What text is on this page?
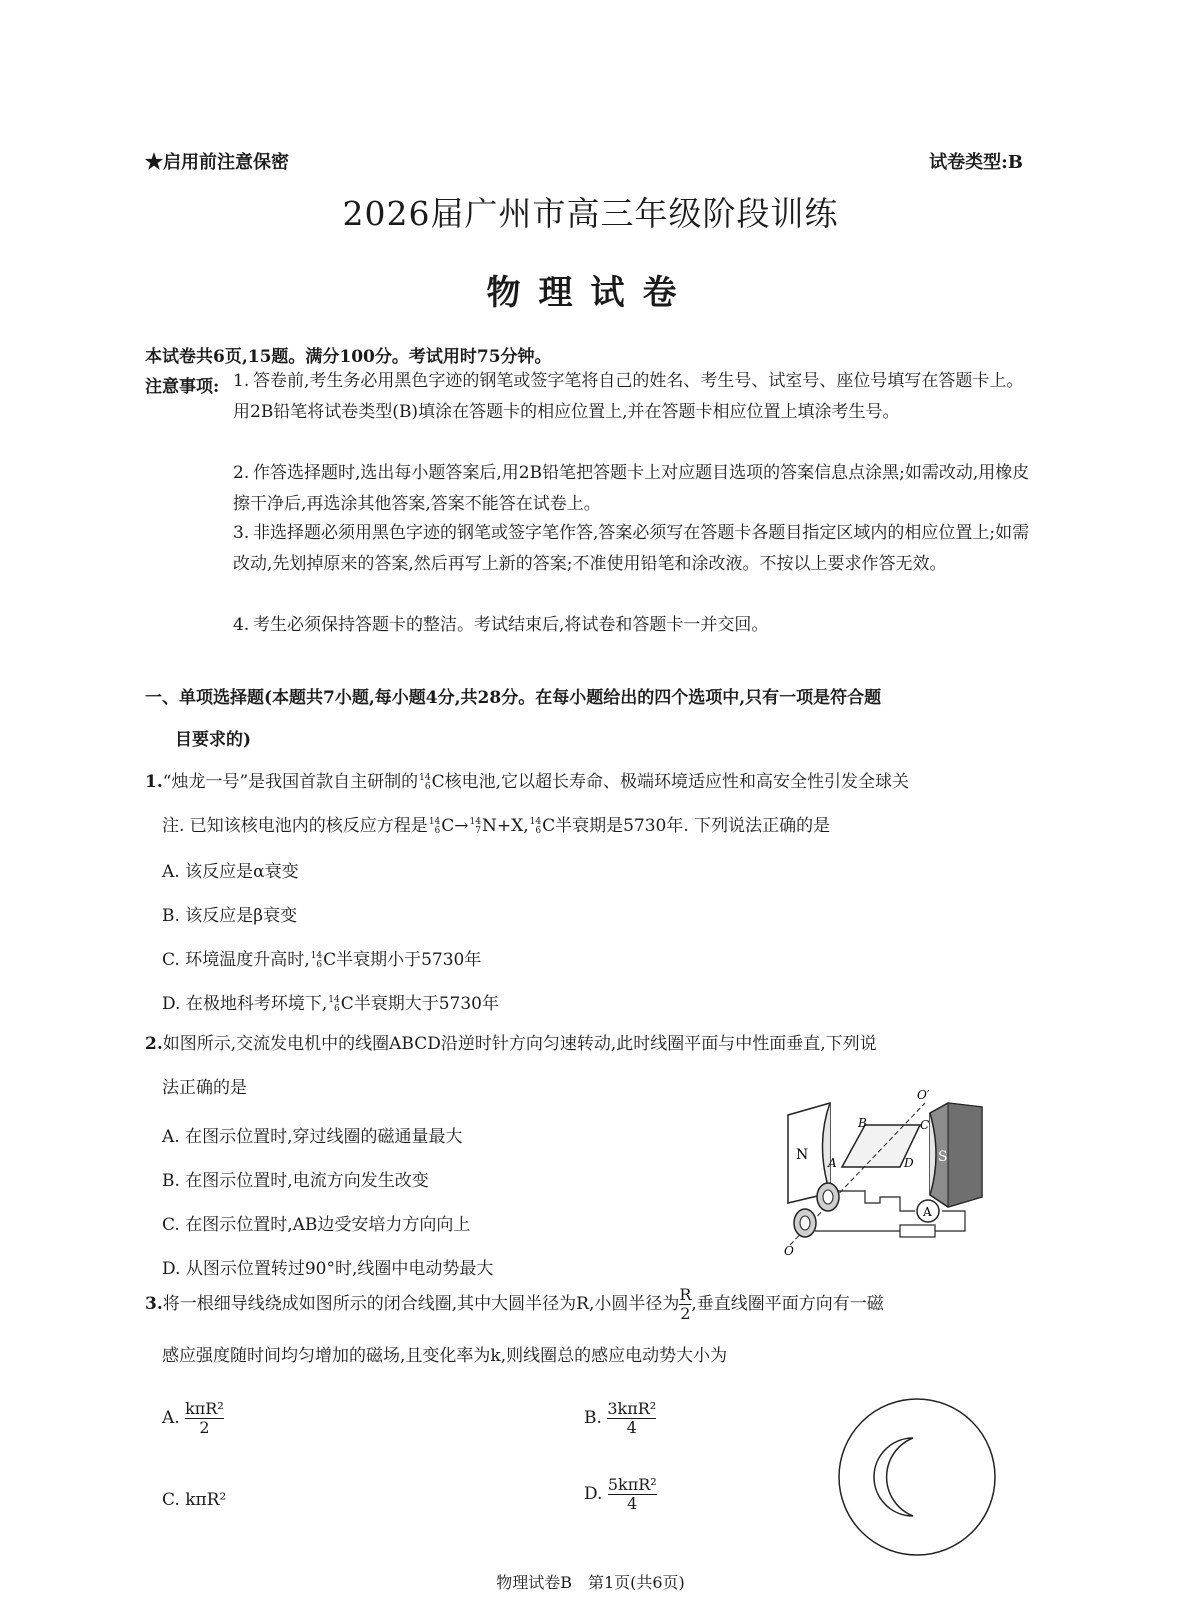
★启用前注意保密	试卷类型:B
2026届广州市高三年级阶段训练
物理试卷
本试卷共6页,15题。满分100分。考试用时75分钟。
注意事项: 1. 答卷前,考生务必用黑色字迹的钢笔或签字笔将自己的姓名、考生号、试室号、座位号填写在答题卡上。用2B铅笔将试卷类型(B)填涂在答题卡的相应位置上,并在答题卡相应位置上填涂考生号。
2. 作答选择题时,选出每小题答案后,用2B铅笔把答题卡上对应题目选项的答案信息点涂黑;如需改动,用橡皮擦干净后,再选涂其他答案,答案不能答在试卷上。
3. 非选择题必须用黑色字迹的钢笔或签字笔作答,答案必须写在答题卡各题目指定区域内的相应位置上;如需改动,先划掉原来的答案,然后再写上新的答案;不准使用铅笔和涂改液。不按以上要求作答无效。
4. 考生必须保持答题卡的整洁。考试结束后,将试卷和答题卡一并交回。
一、单项选择题(本题共7小题,每小题4分,共28分。在每小题给出的四个选项中,只有一项是符合题
目要求的)
1.“烛龙一号”是我国首款自主研制的 14
6 C核电池,它以超长寿命、极端环境适应性和高安全性引发全球关
注. 已知该核电池内的核反应方程是 14
6 C→ 14
7 N+X, 14
6 C半衰期是5730年. 下列说法正确的是
A. 该反应是α衰变
B. 该反应是β衰变
C. 环境温度升高时, 14
6 C半衰期小于5730年
D. 在极地科考环境下, 14
6 C半衰期大于5730年
2.如图所示,交流发电机中的线圈ABCD沿逆时针方向匀速转动,此时线圈平面与中性面垂直,下列说
法正确的是
A. 在图示位置时,穿过线圈的磁通量最大
B. 在图示位置时,电流方向发生改变
C. 在图示位置时,AB边受安培力方向向上
D. 从图示位置转过90°时,线圈中电动势最大
N	S
B	C
A	D
O′
O
A
3.将一根细导线绕成如图所示的闭合线圈,其中大圆半径为R,小圆半径为 $\frac{R}{2}$ ,垂直线圈平面方向有一磁
感应强度随时间均匀增加的磁场,且变化率为k,则线圈总的感应电动势大小为
A. $\frac{\text{kπR²}}{2}$	B. $\frac{\text{3kπR²}}{4}$
C. kπR²	D. $\frac{\text{5kπR²}}{4}$
物理试卷B　第1页(共6页)
